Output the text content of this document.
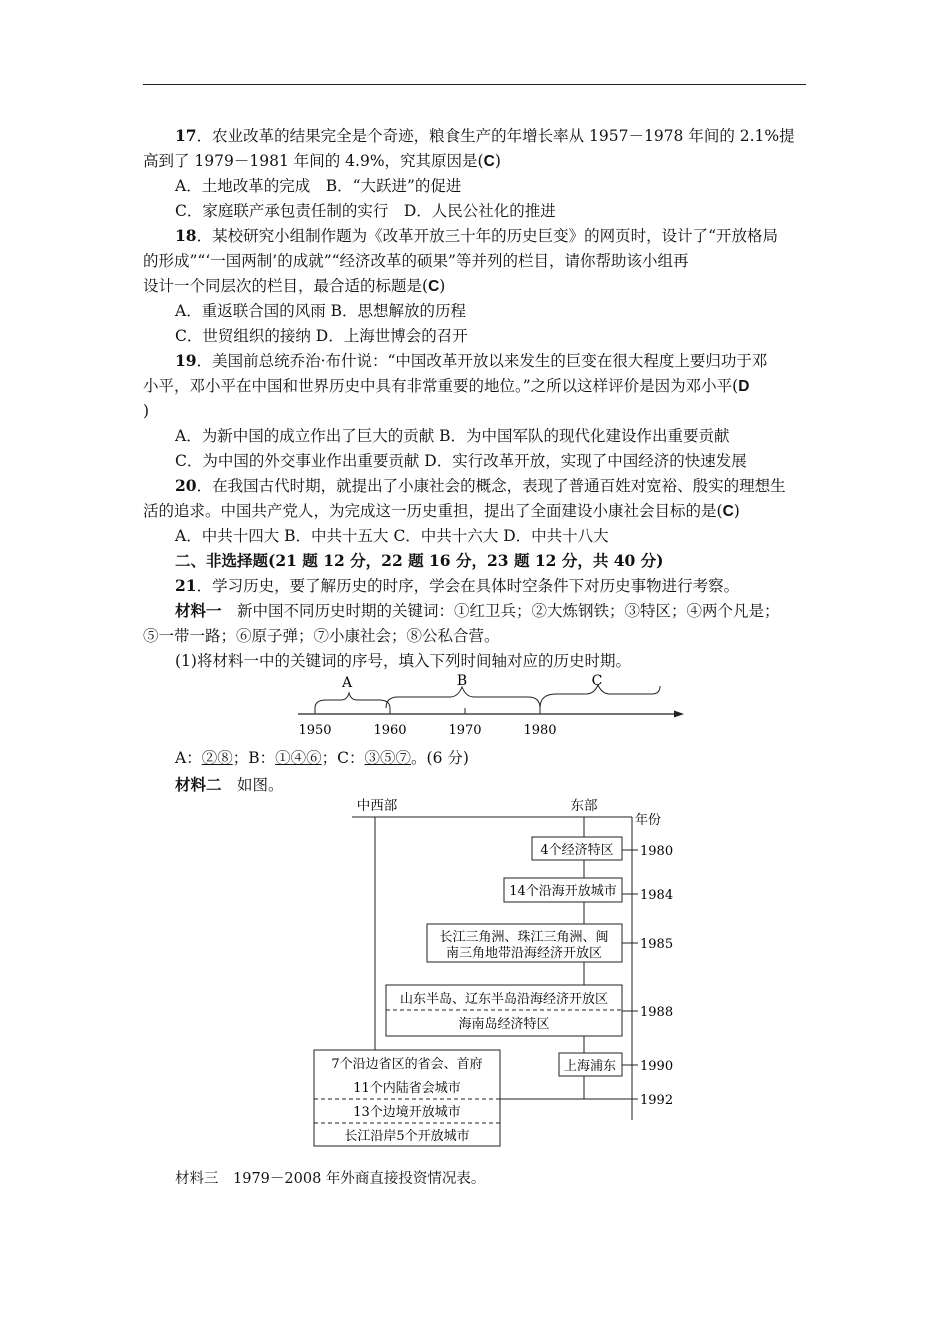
17．农业改革的结果完全是个奇迹，粮食生产的年增长率从 1957－1978 年间的 2.1%提
高到了 1979－1981 年间的 4.9%，究其原因是(C)
A．土地改革的完成　B．“大跃进”的促进
C．家庭联产承包责任制的实行　D．人民公社化的推进
18．某校研究小组制作题为《改革开放三十年的历史巨变》的网页时，设计了“开放格局
的形成”“‘一国两制’的成就”“经济改革的硕果”等并列的栏目，请你帮助该小组再
设计一个同层次的栏目，最合适的标题是(C)
A．重返联合国的风雨 B．思想解放的历程
C．世贸组织的接纳 D．上海世博会的召开
19．美国前总统乔治·布什说：“中国改革开放以来发生的巨变在很大程度上要归功于邓
小平，邓小平在中国和世界历史中具有非常重要的地位。”之所以这样评价是因为邓小平(D
)
A．为新中国的成立作出了巨大的贡献 B．为中国军队的现代化建设作出重要贡献
C．为中国的外交事业作出重要贡献 D．实行改革开放，实现了中国经济的快速发展
20．在我国古代时期，就提出了小康社会的概念，表现了普通百姓对宽裕、殷实的理想生
活的追求。中国共产党人，为完成这一历史重担，提出了全面建设小康社会目标的是(C)
A．中共十四大 B．中共十五大 C．中共十六大 D．中共十八大
二、非选择题(21 题 12 分，22 题 16 分，23 题 12 分，共 40 分)
21．学习历史，要了解历史的时序，学会在具体时空条件下对历史事物进行考察。
材料一　新中国不同历史时期的关键词：①红卫兵；②大炼钢铁；③特区；④两个凡是；
⑤一带一路；⑥原子弹；⑦小康社会；⑧公私合营。
(1)将材料一中的关键词的序号，填入下列时间轴对应的历史时期。
A	B	C
1950	1960	1970	1980
A：②⑧；B：①④⑥；C：③⑤⑦。(6 分)
材料二　如图。
中西部	东部
年份
1980
1984
1985
1988
1990
1992
4个经济特区
14个沿海开放城市
长江三角洲、珠江三角洲、闽
南三角地带沿海经济开放区
山东半岛、辽东半岛沿海经济开放区
海南岛经济特区
上海浦东
7个沿边省区的省会、首府
11个内陆省会城市
13个边境开放城市
长江沿岸5个开放城市
材料三　1979－2008 年外商直接投资情况表。
